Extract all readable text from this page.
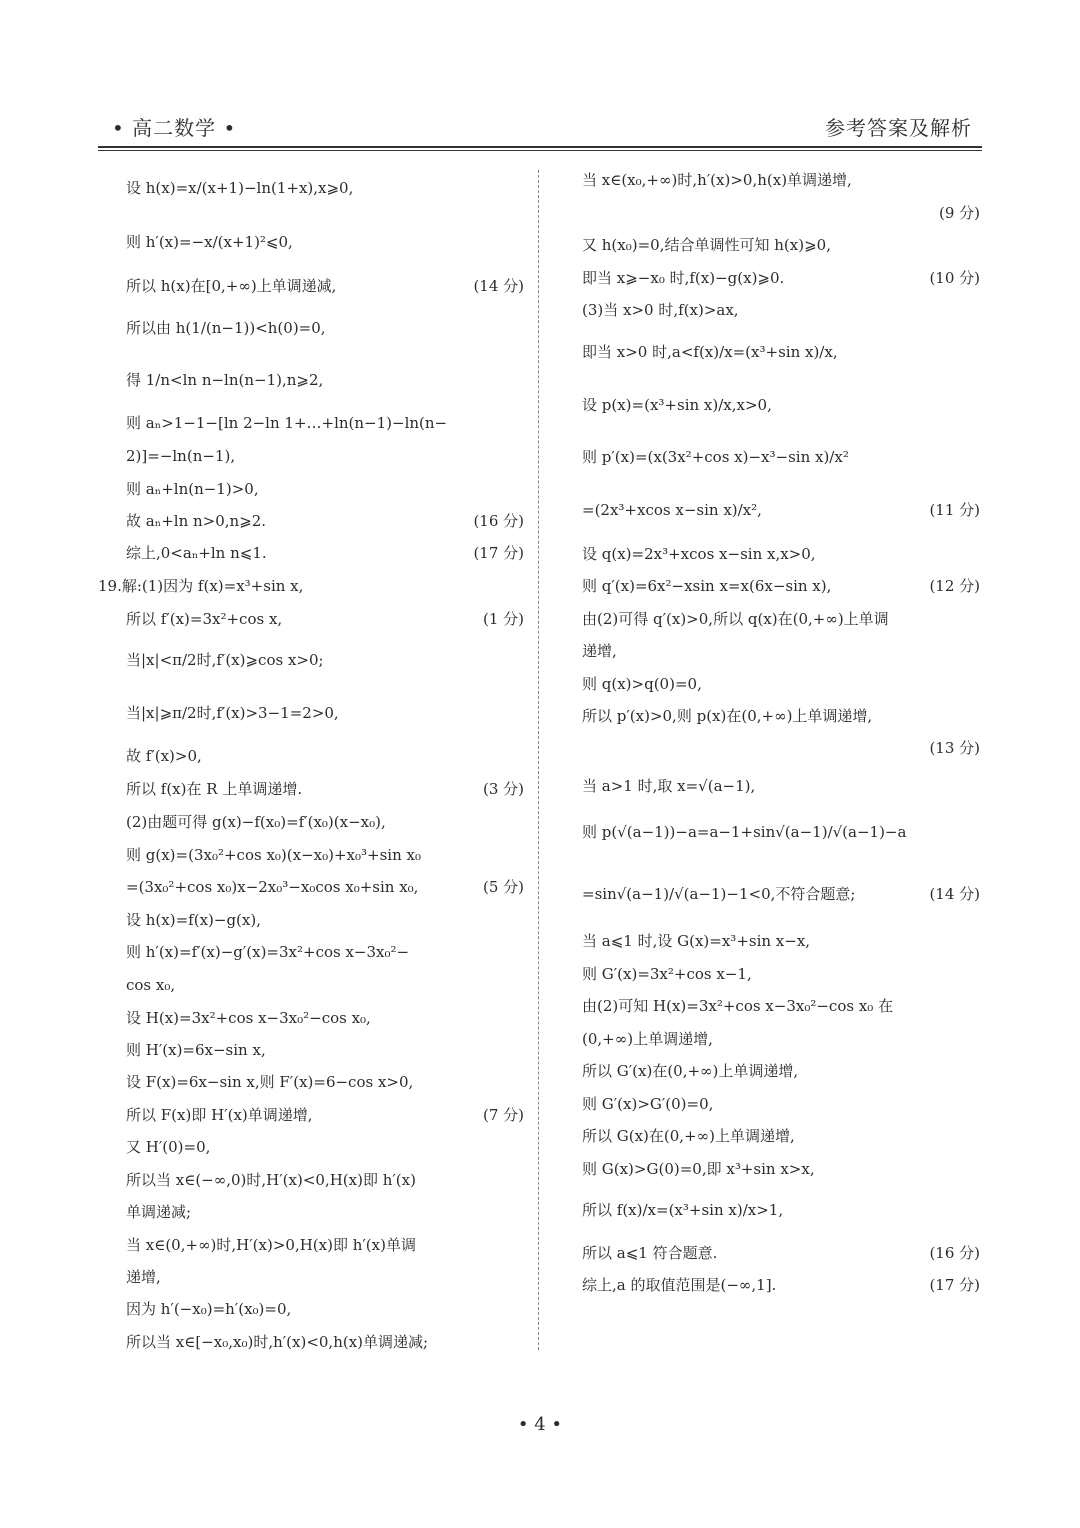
• 高二数学 •	参考答案及解析
设 h(x)=x/(x+1)−ln(1+x),x⩾0,
则 h′(x)=−x/(x+1)²⩽0,
所以 h(x)在[0,+∞)上单调递减,	(14 分)
所以由 h(1/(n−1))<h(0)=0,
得 1/n<ln n−ln(n−1),n⩾2,
则 aₙ>1−1−[ln 2−ln 1+…+ln(n−1)−ln(n−
2)]=−ln(n−1),
则 aₙ+ln(n−1)>0,
故 aₙ+ln n>0,n⩾2.	(16 分)
综上,0<aₙ+ln n⩽1.	(17 分)
19.解:(1)因为 f(x)=x³+sin x,
所以 f′(x)=3x²+cos x,	(1 分)
当|x|<π/2时,f′(x)⩾cos x>0;
当|x|⩾π/2时,f′(x)>3−1=2>0,
故 f′(x)>0,
所以 f(x)在 R 上单调递增.	(3 分)
(2)由题可得 g(x)−f(x₀)=f′(x₀)(x−x₀),
则 g(x)=(3x₀²+cos x₀)(x−x₀)+x₀³+sin x₀
=(3x₀²+cos x₀)x−2x₀³−x₀cos x₀+sin x₀,	(5 分)
设 h(x)=f(x)−g(x),
则 h′(x)=f′(x)−g′(x)=3x²+cos x−3x₀²−
cos x₀,
设 H(x)=3x²+cos x−3x₀²−cos x₀,
则 H′(x)=6x−sin x,
设 F(x)=6x−sin x,则 F′(x)=6−cos x>0,
所以 F(x)即 H′(x)单调递增,	(7 分)
又 H′(0)=0,
所以当 x∈(−∞,0)时,H′(x)<0,H(x)即 h′(x)
单调递减;
当 x∈(0,+∞)时,H′(x)>0,H(x)即 h′(x)单调
递增,
因为 h′(−x₀)=h′(x₀)=0,
所以当 x∈[−x₀,x₀)时,h′(x)<0,h(x)单调递减;
当 x∈(x₀,+∞)时,h′(x)>0,h(x)单调递增,
(9 分)
又 h(x₀)=0,结合单调性可知 h(x)⩾0,
即当 x⩾−x₀ 时,f(x)−g(x)⩾0.	(10 分)
(3)当 x>0 时,f(x)>ax,
即当 x>0 时,a<f(x)/x=(x³+sin x)/x,
设 p(x)=(x³+sin x)/x,x>0,
则 p′(x)=(x(3x²+cos x)−x³−sin x)/x²
=(2x³+xcos x−sin x)/x²,	(11 分)
设 q(x)=2x³+xcos x−sin x,x>0,
则 q′(x)=6x²−xsin x=x(6x−sin x),	(12 分)
由(2)可得 q′(x)>0,所以 q(x)在(0,+∞)上单调
递增,
则 q(x)>q(0)=0,
所以 p′(x)>0,则 p(x)在(0,+∞)上单调递增,
(13 分)
当 a>1 时,取 x=√(a−1),
则 p(√(a−1))−a=a−1+sin√(a−1)/√(a−1)−a
=sin√(a−1)/√(a−1)−1<0,不符合题意;	(14 分)
当 a⩽1 时,设 G(x)=x³+sin x−x,
则 G′(x)=3x²+cos x−1,
由(2)可知 H(x)=3x²+cos x−3x₀²−cos x₀ 在
(0,+∞)上单调递增,
所以 G′(x)在(0,+∞)上单调递增,
则 G′(x)>G′(0)=0,
所以 G(x)在(0,+∞)上单调递增,
则 G(x)>G(0)=0,即 x³+sin x>x,
所以 f(x)/x=(x³+sin x)/x>1,
所以 a⩽1 符合题意.	(16 分)
综上,a 的取值范围是(−∞,1].	(17 分)
• 4 •
